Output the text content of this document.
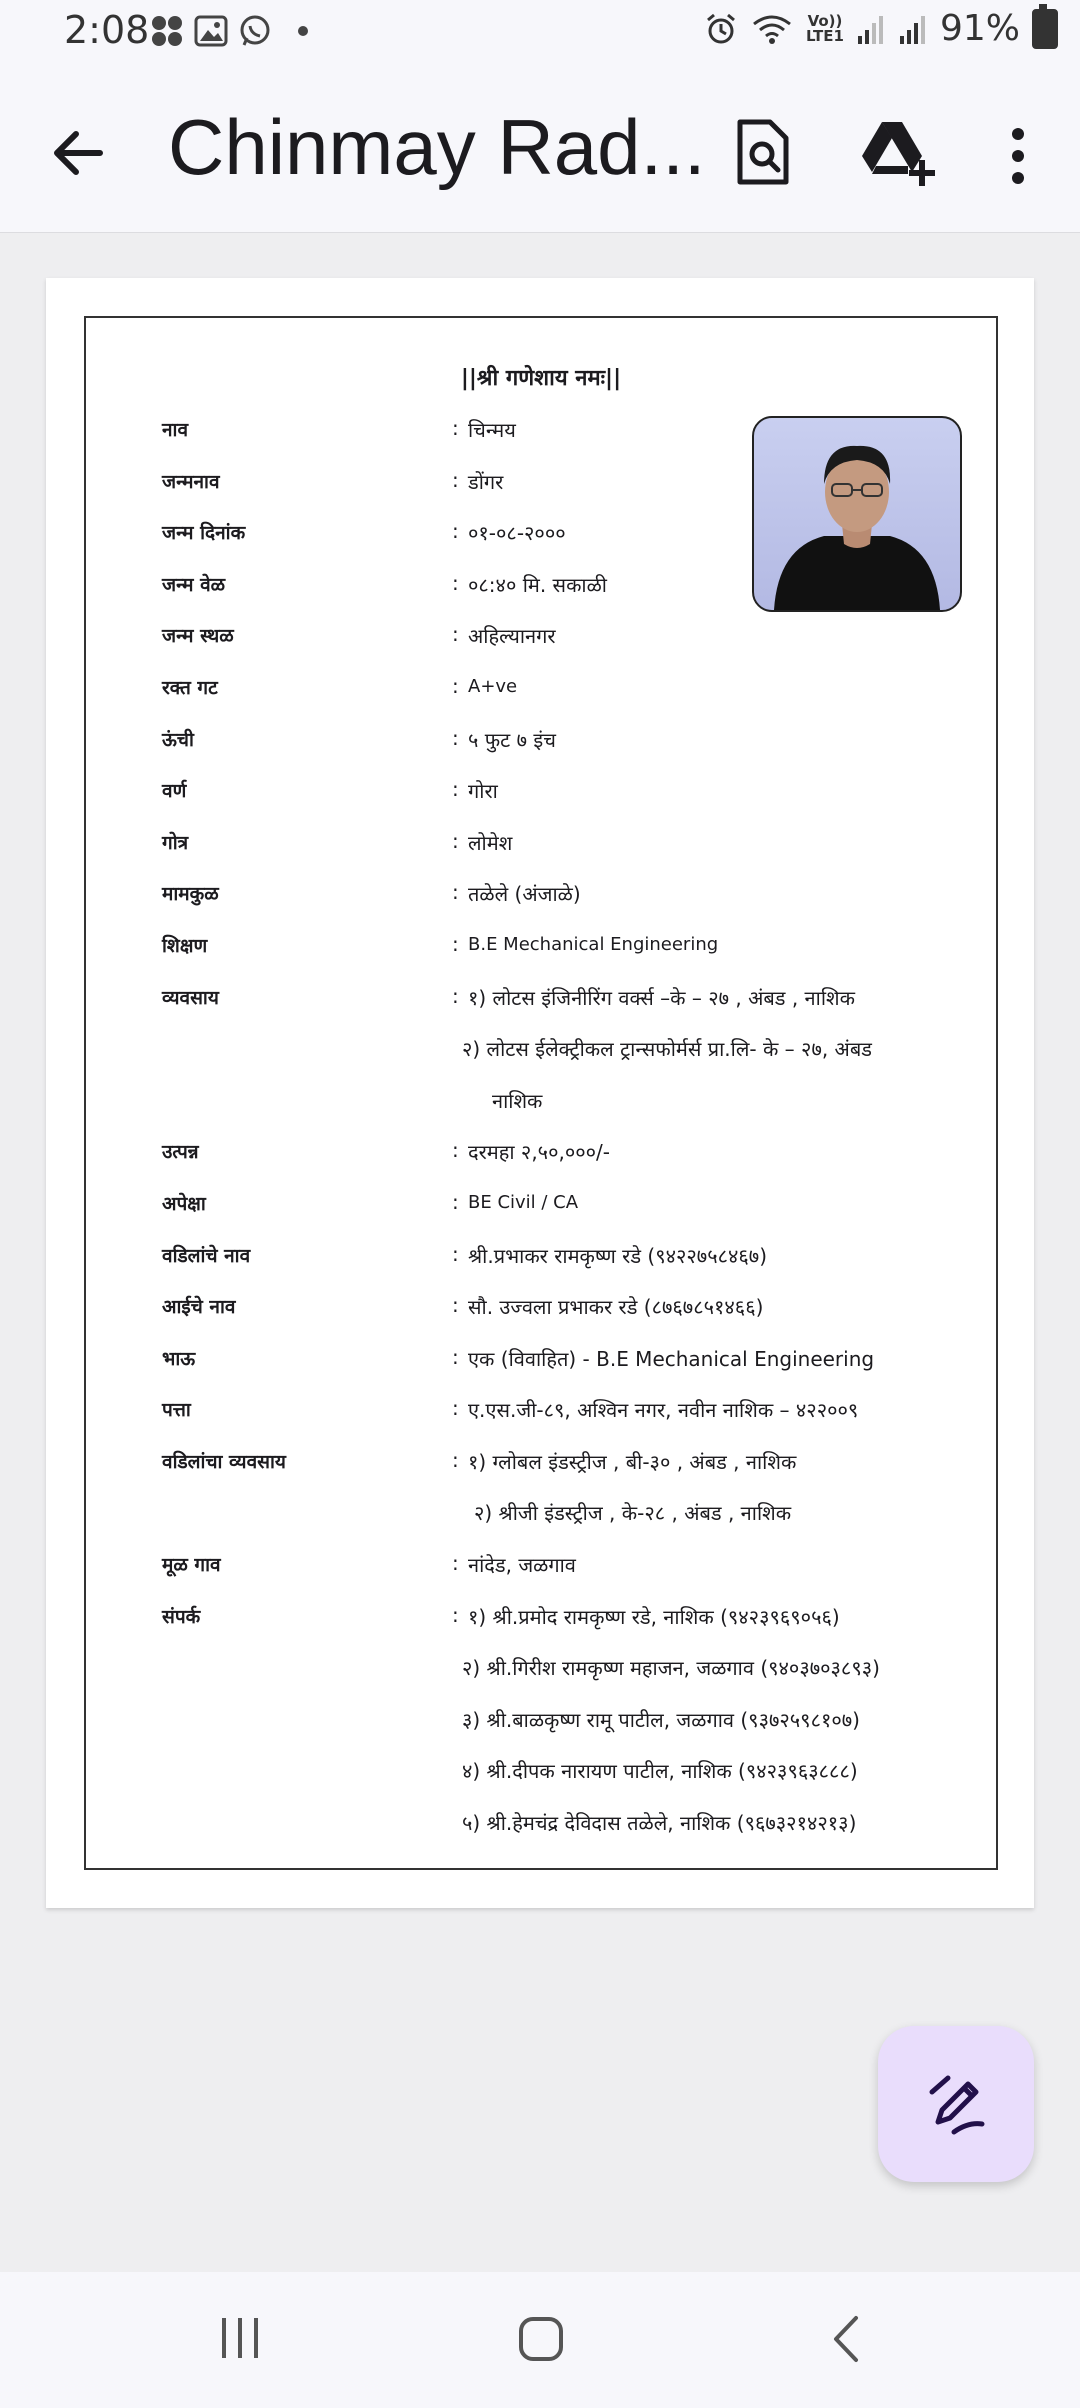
2:08	Vo))
LTE1	91%
Chinmay Rad...
||श्री गणेशाय नमः||
नाव	: चिन्मय
जन्मनाव	: डोंगर
जन्म दिनांक	: ०१-०८-२०००
जन्म वेळ	: ०८:४० मि. सकाळी
जन्म स्थळ	: अहिल्यानगर
रक्त गट	: A+ve
ऊंची	: ५ फुट ७ इंच
वर्ण	: गोरा
गोत्र	: लोमेश
मामकुळ	: तळेले (अंजाळे)
शिक्षण	: B.E Mechanical Engineering
व्यवसाय	: १) लोटस इंजिनीरिंग वर्क्स –के – २७ , अंबड , नाशिक
२) लोटस ईलेक्ट्रीकल ट्रान्सफोर्मर्स प्रा.लि- के – २७, अंबड
नाशिक
उत्पन्न	: दरमहा २,५०,०००/-
अपेक्षा	: BE Civil / CA
वडिलांचे नाव	: श्री.प्रभाकर रामकृष्ण रडे (९४२२७५८४६७)
आईचे नाव	: सौ. उज्वला प्रभाकर रडे (८७६७८५१४६६)
भाऊ	: एक (विवाहित) - B.E Mechanical Engineering
पत्ता	: ए.एस.जी-८९, अश्विन नगर, नवीन नाशिक – ४२२००९
वडिलांचा व्यवसाय	: १) ग्लोबल इंडस्ट्रीज , बी-३० , अंबड , नाशिक
२) श्रीजी इंडस्ट्रीज , के-२८ , अंबड , नाशिक
मूळ गाव	: नांदेड, जळगाव
संपर्क	: १) श्री.प्रमोद रामकृष्ण रडे, नाशिक (९४२३९६९०५६)
२) श्री.गिरीश रामकृष्ण महाजन, जळगाव (९४०३७०३८९३)
३) श्री.बाळकृष्ण रामू पाटील, जळगाव (९३७२५९८१०७)
४) श्री.दीपक नारायण पाटील, नाशिक (९४२३९६३८८८)
५) श्री.हेमचंद्र देविदास तळेले, नाशिक (९६७३२१४२१३)
